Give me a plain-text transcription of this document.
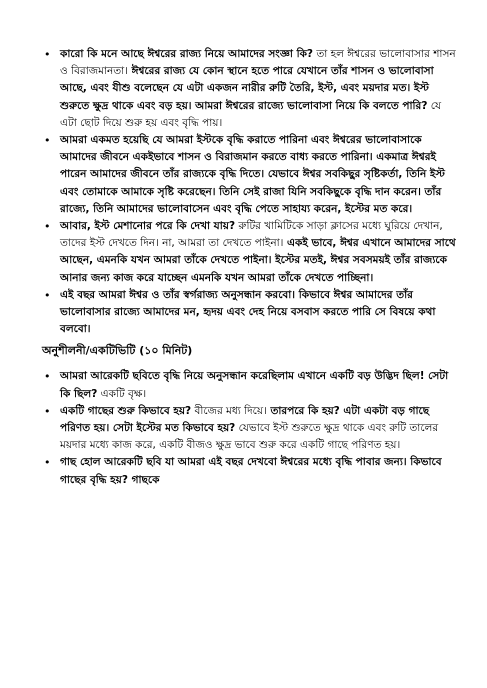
• কারো কি মনে আছে ঈশ্বরের রাজ্য নিয়ে আমাদের সংজ্ঞা কি? তা হল ঈশ্বরের ভালোবাসার শাসন ও বিরাজমানতা। ঈশ্বরের রাজ্য যে কোন স্থানে হতে পারে যেখানে তাঁর শাসন ও ভালোবাসা আছে, এবং যীশু বলেছেন যে এটা একজন নারীর রুটি তৈরি, ইস্ট, এবং ময়দার মত। ইস্ট শুরুতে ক্ষুদ্র থাকে এবং বড় হয়। আমরা ঈশ্বরের রাজ্যে ভালোবাসা নিয়ে কি বলতে পারি? যে এটা ছোট দিয়ে শুরু হয় এবং বৃদ্ধি পায়।
• আমরা একমত হয়েছি যে আমরা ইস্টকে বৃদ্ধি করাতে পারিনা এবং ঈশ্বরের ভালোবাসাকে আমাদের জীবনে একইভাবে শাসন ও বিরাজমান করতে বাধ্য করতে পারিনা। একমাত্র ঈশ্বরই পারেন আমাদের জীবনে তাঁর রাজ্যকে বৃদ্ধি দিতে। যেভাবে ঈশ্বর সবকিছুর সৃষ্টিকর্তা, তিনি ইস্ট এবং তোমাকে আমাকে সৃষ্টি করেছেন। তিনি সেই রাজা যিনি সবকিছুকে বৃদ্ধি দান করেন। তাঁর রাজ্যে, তিনি আমাদের ভালোবাসেন এবং বৃদ্ধি পেতে সাহায্য করেন, ইস্টের মত করে।
• আবার, ইস্ট মেশানোর পরে কি দেখা যায়? রুটির খামিটিকে সাড়া ক্লাসের মধ্যে ঘুরিয়ে দেখান, তাদের ইস্ট দেখতে দিন। না, আমরা তা দেখতে পাইনা। একই ভাবে, ঈশ্বর এখানে আমাদের সাথে আছেন, এমনকি যখন আমরা তাঁকে দেখতে পাইনা। ইস্টের মতই, ঈশ্বর সবসময়ই তাঁর রাজ্যকে আনার জন্য কাজ করে যাচ্ছেন এমনকি যখন আমরা তাঁকে দেখতে পাচ্ছিনা।
• এই বছর আমরা ঈশ্বর ও তাঁর স্বর্গরাজ্য অনুসন্ধান করবো। কিভাবে ঈশ্বর আমাদের তাঁর ভালোবাসার রাজ্যে আমাদের মন, হৃদয় এবং দেহ নিয়ে বসবাস করতে পারি সে বিষয়ে কথা বলবো।
অনুশীলনী/একটিভিটি (১০ মিনিট)
• আমরা আরেকটি ছবিতে বৃদ্ধি নিয়ে অনুসন্ধান করেছিলাম এখানে একটি বড় উদ্ভিদ ছিল! সেটা কি ছিল? একটি বৃক্ষ।
• একটি গাছের শুরু কিভাবে হয়? বীজের মধ্য দিয়ে। তারপরে কি হয়? এটা একটা বড় গাছে পরিণত হয়। সেটা ইস্টের মত কিভাবে হয়? যেভাবে ইস্ট শুরুতে ক্ষুদ্র থাকে এবং রুটি তালের ময়দার মধ্যে কাজ করে, একটি বীজও ক্ষুদ্র ভাবে শুরু করে একটি গাছে পরিণত হয়।
• গাছ হোল আরেকটি ছবি যা আমরা এই বছর দেখবো ঈশ্বরের মধ্যে বৃদ্ধি পাবার জন্য। কিভাবে গাছের বৃদ্ধি হয়? গাছকে
